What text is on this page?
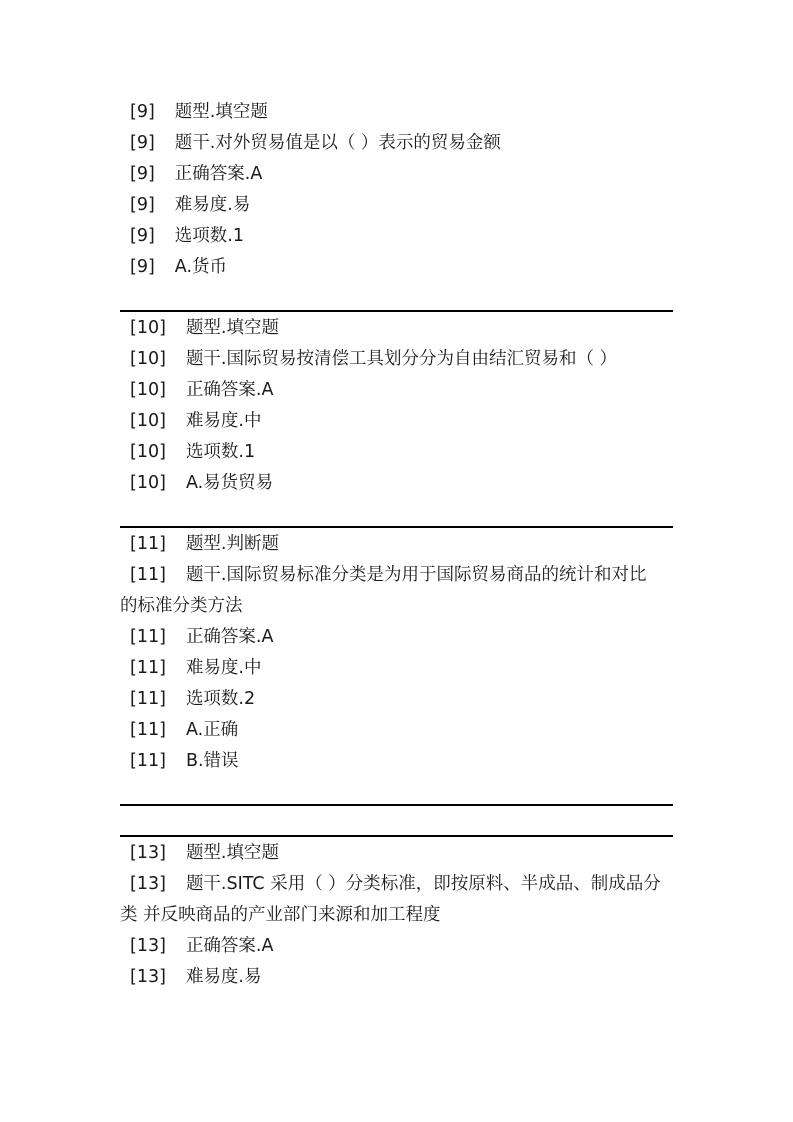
[9] 题型.填空题
[9] 题干.对外贸易值是以（ ）表示的贸易金额
[9] 正确答案.A
[9] 难易度.易
[9] 选项数.1
[9] A.货币
[10] 题型.填空题
[10] 题干.国际贸易按清偿工具划分分为自由结汇贸易和（ ）
[10] 正确答案.A
[10] 难易度.中
[10] 选项数.1
[10] A.易货贸易
[11] 题型.判断题
[11] 题干.国际贸易标准分类是为用于国际贸易商品的统计和对比
的标准分类方法
[11] 正确答案.A
[11] 难易度.中
[11] 选项数.2
[11] A.正确
[11] B.错误
[13] 题型.填空题
[13] 题干.SITC 采用（ ）分类标准，即按原料、半成品、制成品分
类 并反映商品的产业部门来源和加工程度
[13] 正确答案.A
[13] 难易度.易
